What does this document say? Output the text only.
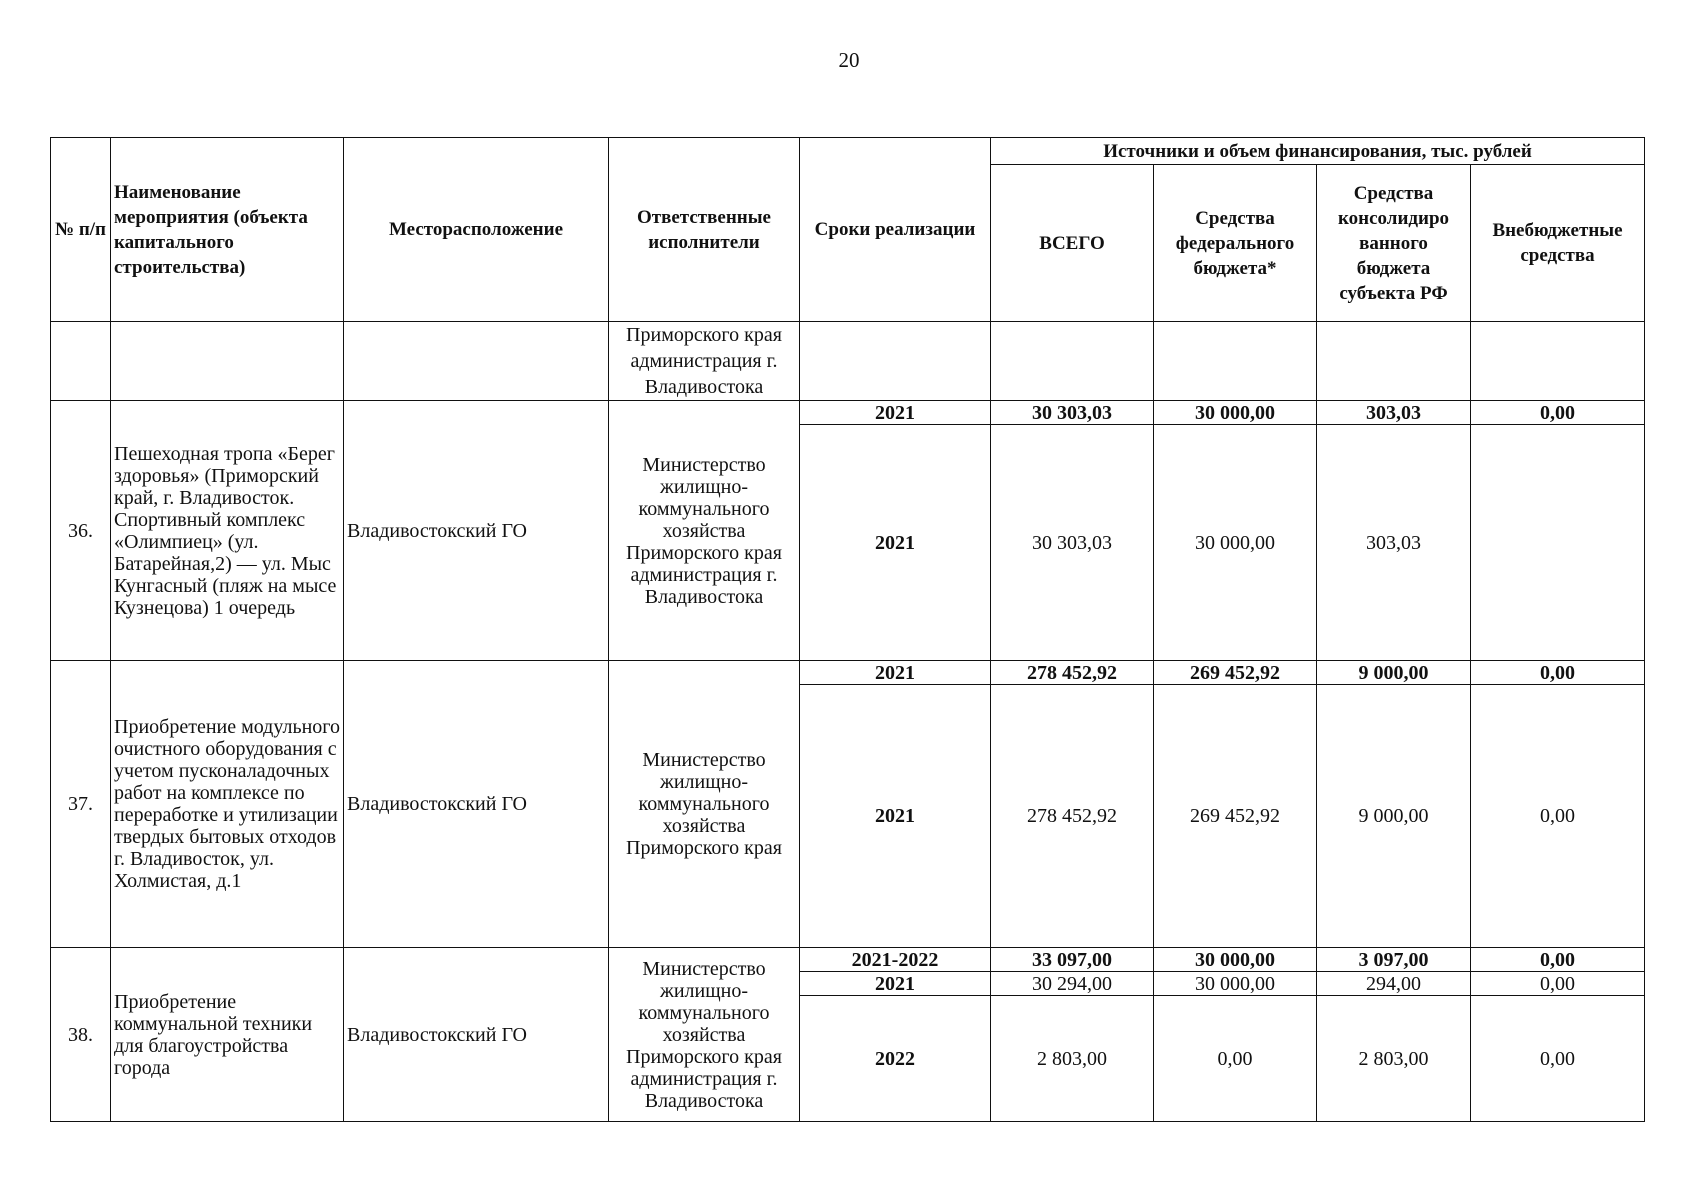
20
№ п/п	Наименование мероприятия (объекта капитального строительства)	Месторасположение	Ответственные исполнители	Сроки реализации	Источники и объем финансирования, тыс. рублей			
					ВСЕГО	Средства федерального бюджета*	Средства консолидиро ванного бюджета субъекта РФ	Внебюджетные средства
			Приморского края администрация г. Владивостока					
36.	Пешеходная тропа «Берег здоровья» (Приморский край, г. Владивосток. Спортивный комплекс «Олимпиец» (ул. Батарейная,2) — ул. Мыс Кунгасный (пляж на мысе Кузнецова) 1 очередь	Владивостокский ГО	Министерство жилищно-коммунального хозяйства Приморского края администрация г. Владивостока	2021	30 303,03	30 000,00	303,03	0,00
				2021	30 303,03	30 000,00	303,03	
37.	Приобретение модульного очистного оборудования с учетом пусконаладочных работ на комплексе по переработке и утилизации твердых бытовых отходов г. Владивосток, ул. Холмистая, д.1	Владивостокский ГО	Министерство жилищно-коммунального хозяйства Приморского края	2021	278 452,92	269 452,92	9 000,00	0,00
				2021	278 452,92	269 452,92	9 000,00	0,00
38.	Приобретение коммунальной техники для благоустройства города	Владивостокский ГО	Министерство жилищно-коммунального хозяйства Приморского края администрация г. Владивостока	2021-2022	33 097,00	30 000,00	3 097,00	0,00
				2021	30 294,00	30 000,00	294,00	0,00
				2022	2 803,00	0,00	2 803,00	0,00
